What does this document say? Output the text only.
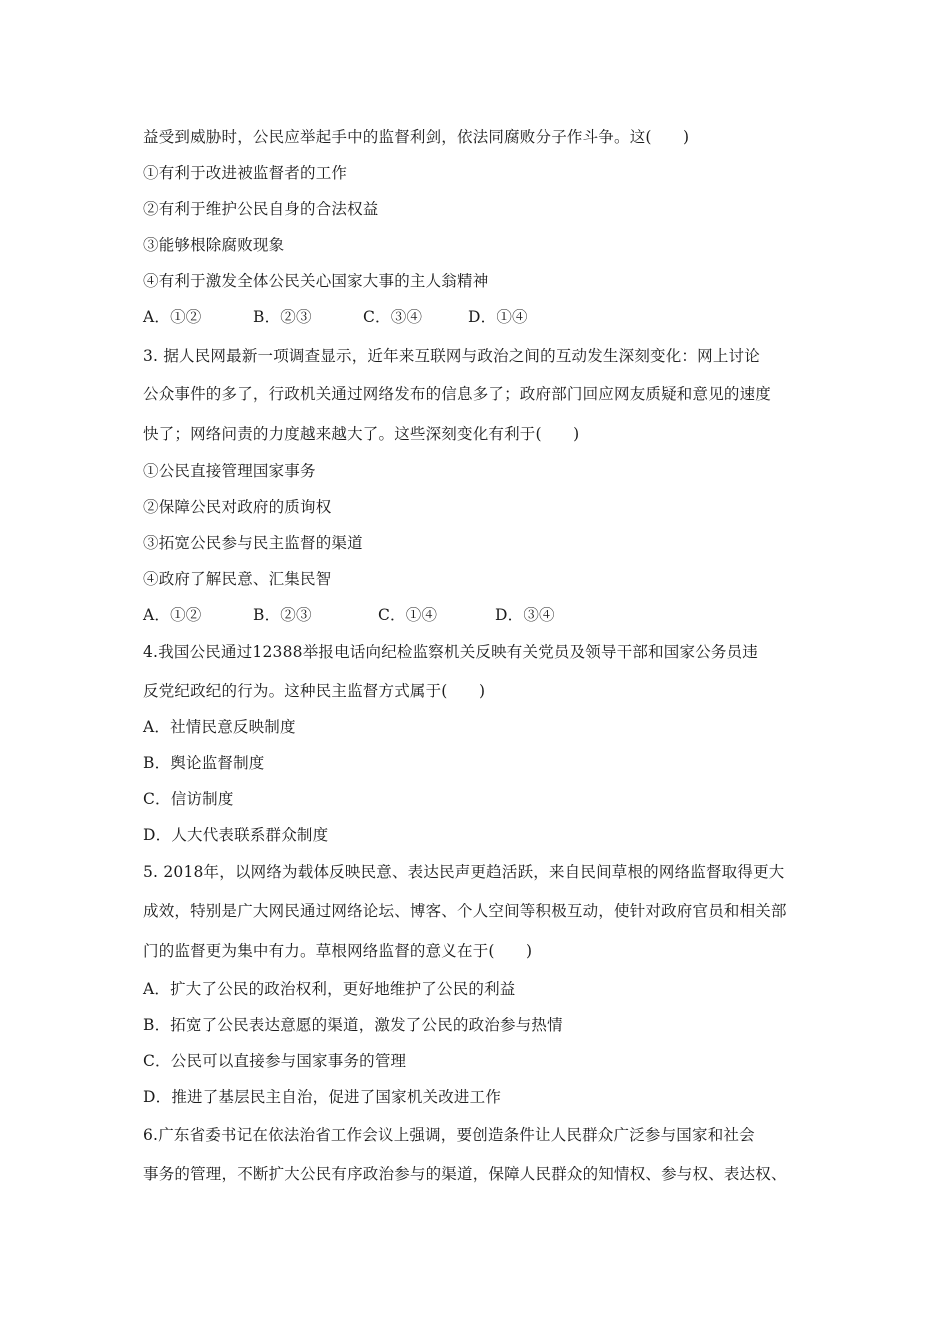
益受到威胁时，公民应举起手中的监督利剑，依法同腐败分子作斗争。这(　　)
①有利于改进被监督者的工作
②有利于维护公民自身的合法权益
③能够根除腐败现象
④有利于激发全体公民关心国家大事的主人翁精神
A．①②	B．②③	C．③④	D．①④
3. 据人民网最新一项调查显示，近年来互联网与政治之间的互动发生深刻变化：网上讨论
公众事件的多了，行政机关通过网络发布的信息多了；政府部门回应网友质疑和意见的速度
快了；网络问责的力度越来越大了。这些深刻变化有利于(　　)
①公民直接管理国家事务
②保障公民对政府的质询权
③拓宽公民参与民主监督的渠道
④政府了解民意、汇集民智
A．①②	B．②③	C．①④	D．③④
4.我国公民通过12388举报电话向纪检监察机关反映有关党员及领导干部和国家公务员违
反党纪政纪的行为。这种民主监督方式属于(　　)
A．社情民意反映制度
B．舆论监督制度
C．信访制度
D．人大代表联系群众制度
5. 2018年，以网络为载体反映民意、表达民声更趋活跃，来自民间草根的网络监督取得更大
成效，特别是广大网民通过网络论坛、博客、个人空间等积极互动，使针对政府官员和相关部
门的监督更为集中有力。草根网络监督的意义在于(　　)
A．扩大了公民的政治权利，更好地维护了公民的利益
B．拓宽了公民表达意愿的渠道，激发了公民的政治参与热情
C．公民可以直接参与国家事务的管理
D．推进了基层民主自治，促进了国家机关改进工作
6.广东省委书记在依法治省工作会议上强调，要创造条件让人民群众广泛参与国家和社会
事务的管理，不断扩大公民有序政治参与的渠道，保障人民群众的知情权、参与权、表达权、
